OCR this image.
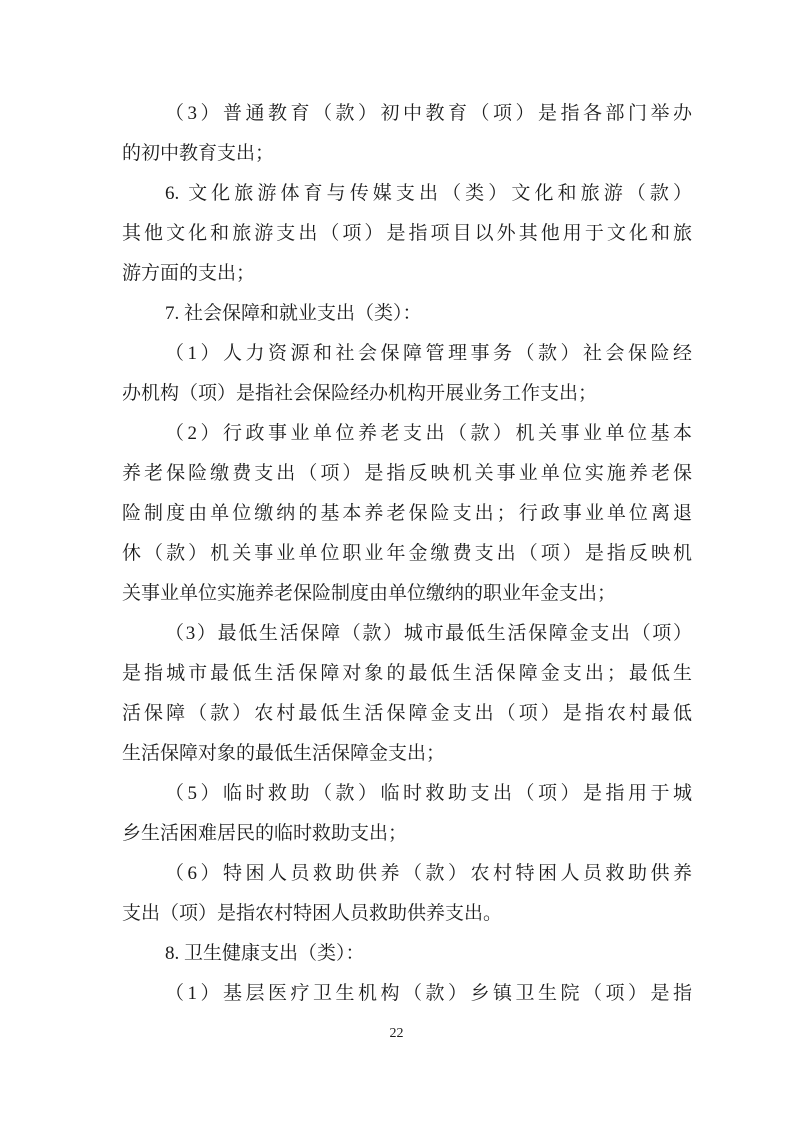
（3）普通教育（款）初中教育（项）是指各部门举办
的初中教育支出；
6. 文化旅游体育与传媒支出（类）文化和旅游（款）
其他文化和旅游支出（项）是指项目以外其他用于文化和旅
游方面的支出；
7. 社会保障和就业支出（类）：
（1）人力资源和社会保障管理事务（款）社会保险经
办机构（项）是指社会保险经办机构开展业务工作支出；
（2）行政事业单位养老支出（款）机关事业单位基本
养老保险缴费支出（项）是指反映机关事业单位实施养老保
险制度由单位缴纳的基本养老保险支出；行政事业单位离退
休（款）机关事业单位职业年金缴费支出（项）是指反映机
关事业单位实施养老保险制度由单位缴纳的职业年金支出；
（3）最低生活保障（款）城市最低生活保障金支出（项）
是指城市最低生活保障对象的最低生活保障金支出；最低生
活保障（款）农村最低生活保障金支出（项）是指农村最低
生活保障对象的最低生活保障金支出；
（5）临时救助（款）临时救助支出（项）是指用于城
乡生活困难居民的临时救助支出；
（6）特困人员救助供养（款）农村特困人员救助供养
支出（项）是指农村特困人员救助供养支出。
8. 卫生健康支出（类）：
（1）基层医疗卫生机构（款）乡镇卫生院（项）是指
22
